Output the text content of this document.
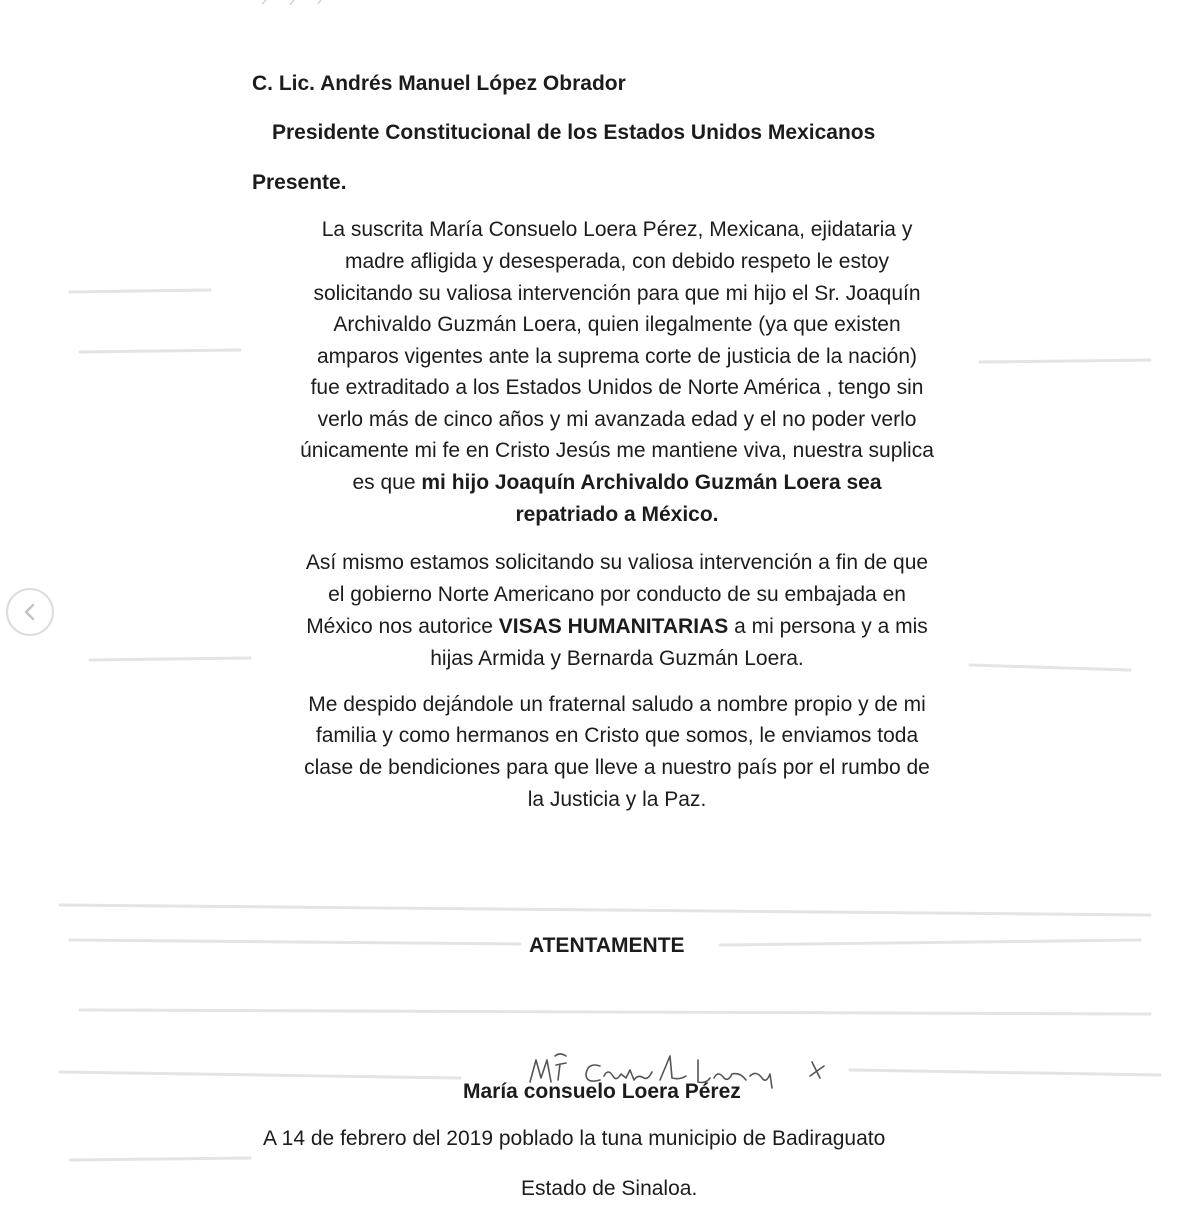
C. Lic. Andrés Manuel López Obrador
Presidente Constitucional de los Estados Unidos Mexicanos
Presente.
La suscrita María Consuelo Loera Pérez, Mexicana, ejidataria y
madre afligida y desesperada, con debido respeto le estoy
solicitando su valiosa intervención para que mi hijo el Sr. Joaquín
Archivaldo Guzmán Loera, quien ilegalmente (ya que existen
amparos vigentes ante la suprema corte de justicia de la nación)
fue extraditado a los Estados Unidos de Norte América , tengo sin
verlo más de cinco años y mi avanzada edad y el no poder verlo
únicamente mi fe en Cristo Jesús me mantiene viva, nuestra suplica
es que mi hijo Joaquín Archivaldo Guzmán Loera sea
repatriado a México.
Así mismo estamos solicitando su valiosa intervención a fin de que
el gobierno Norte Americano por conducto de su embajada en
México nos autorice VISAS HUMANITARIAS a mi persona y a mis
hijas Armida y Bernarda Guzmán Loera.
Me despido dejándole un fraternal saludo a nombre propio y de mi
familia y como hermanos en Cristo que somos, le enviamos toda
clase de bendiciones para que lleve a nuestro país por el rumbo de
la Justicia y la Paz.
ATENTAMENTE
María consuelo Loera Pérez
A 14 de febrero del 2019 poblado la tuna municipio de Badiraguato
Estado de Sinaloa.
